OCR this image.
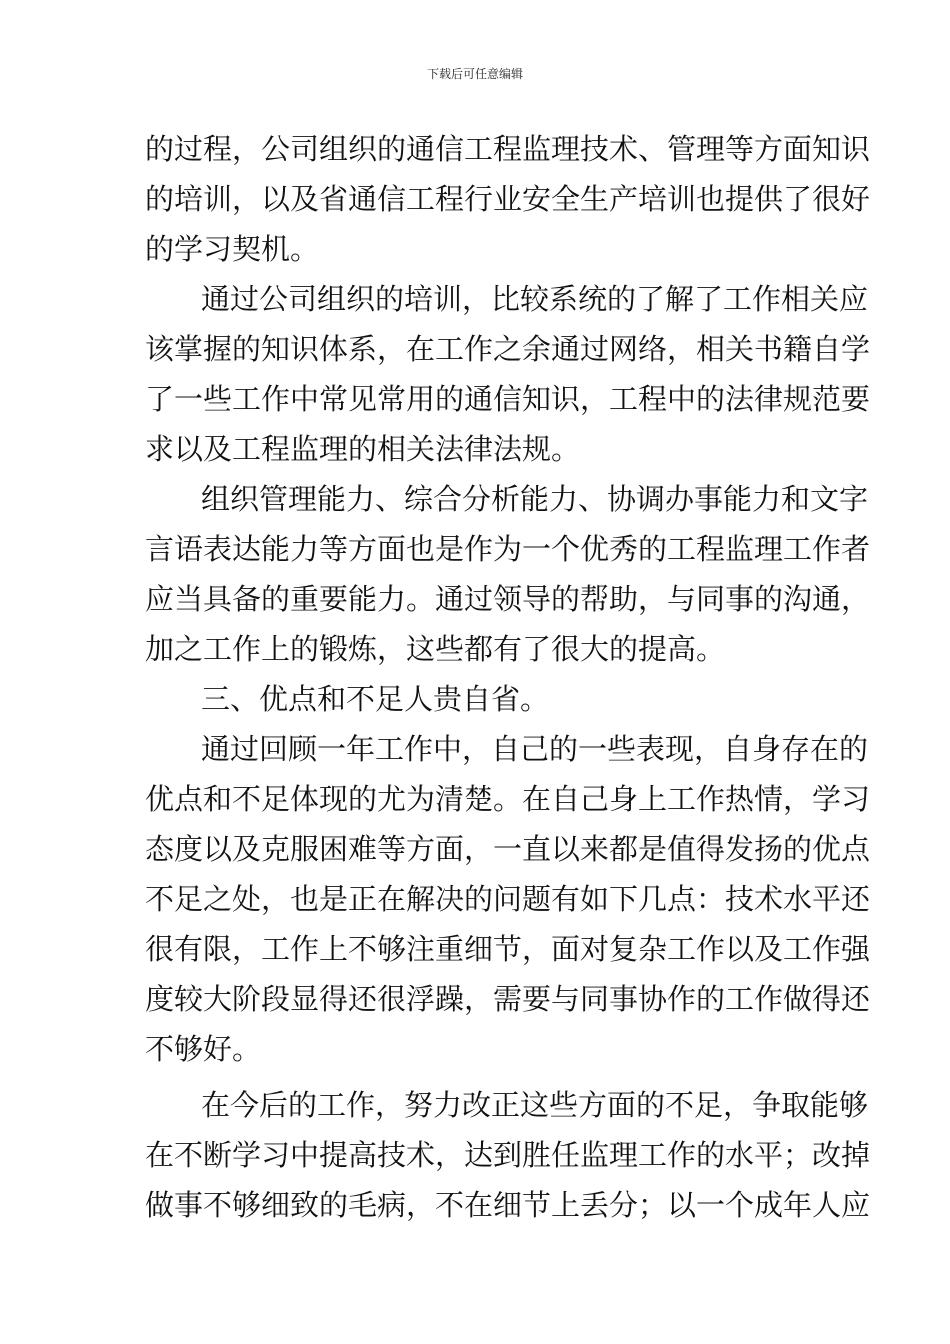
下载后可任意编辑
的过程，公司组织的通信工程监理技术、管理等方面知识
的培训，以及省通信工程行业安全生产培训也提供了很好
的学习契机。
通过公司组织的培训，比较系统的了解了工作相关应
该掌握的知识体系，在工作之余通过网络，相关书籍自学
了一些工作中常见常用的通信知识，工程中的法律规范要
求以及工程监理的相关法律法规。
组织管理能力、综合分析能力、协调办事能力和文字
言语表达能力等方面也是作为一个优秀的工程监理工作者
应当具备的重要能力。通过领导的帮助，与同事的沟通，
加之工作上的锻炼，这些都有了很大的提高。
三、优点和不足人贵自省。
通过回顾一年工作中，自己的一些表现，自身存在的
优点和不足体现的尤为清楚。在自己身上工作热情，学习
态度以及克服困难等方面，一直以来都是值得发扬的优点
不足之处，也是正在解决的问题有如下几点：技术水平还
很有限，工作上不够注重细节，面对复杂工作以及工作强
度较大阶段显得还很浮躁，需要与同事协作的工作做得还
不够好。
在今后的工作，努力改正这些方面的不足，争取能够
在不断学习中提高技术，达到胜任监理工作的水平；改掉
做事不够细致的毛病，不在细节上丢分；以一个成年人应
